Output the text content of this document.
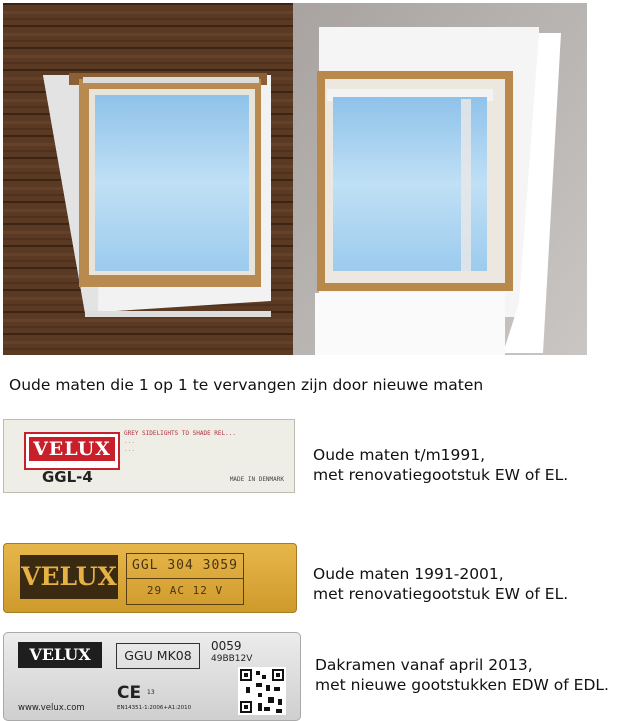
Oude maten die 1 op 1 te vervangen zijn door nieuwe maten
VELUX
GGL-4
GREY SIDELIGHTS TO SHADE REL...
...
...
MADE IN DENMARK
Oude maten t/m1991,
met renovatiegootstuk EW of EL.
VELUX	GGL 304 3059
29 AC 12 V
Oude maten 1991-2001,
met renovatiegootstuk EW of EL.
VELUX	GGU MK08
0059
49BB12V
CE 13
EN14351-1:2006+A1:2010
www.velux.com
Dakramen vanaf april 2013,
met nieuwe gootstukken EDW of EDL.
